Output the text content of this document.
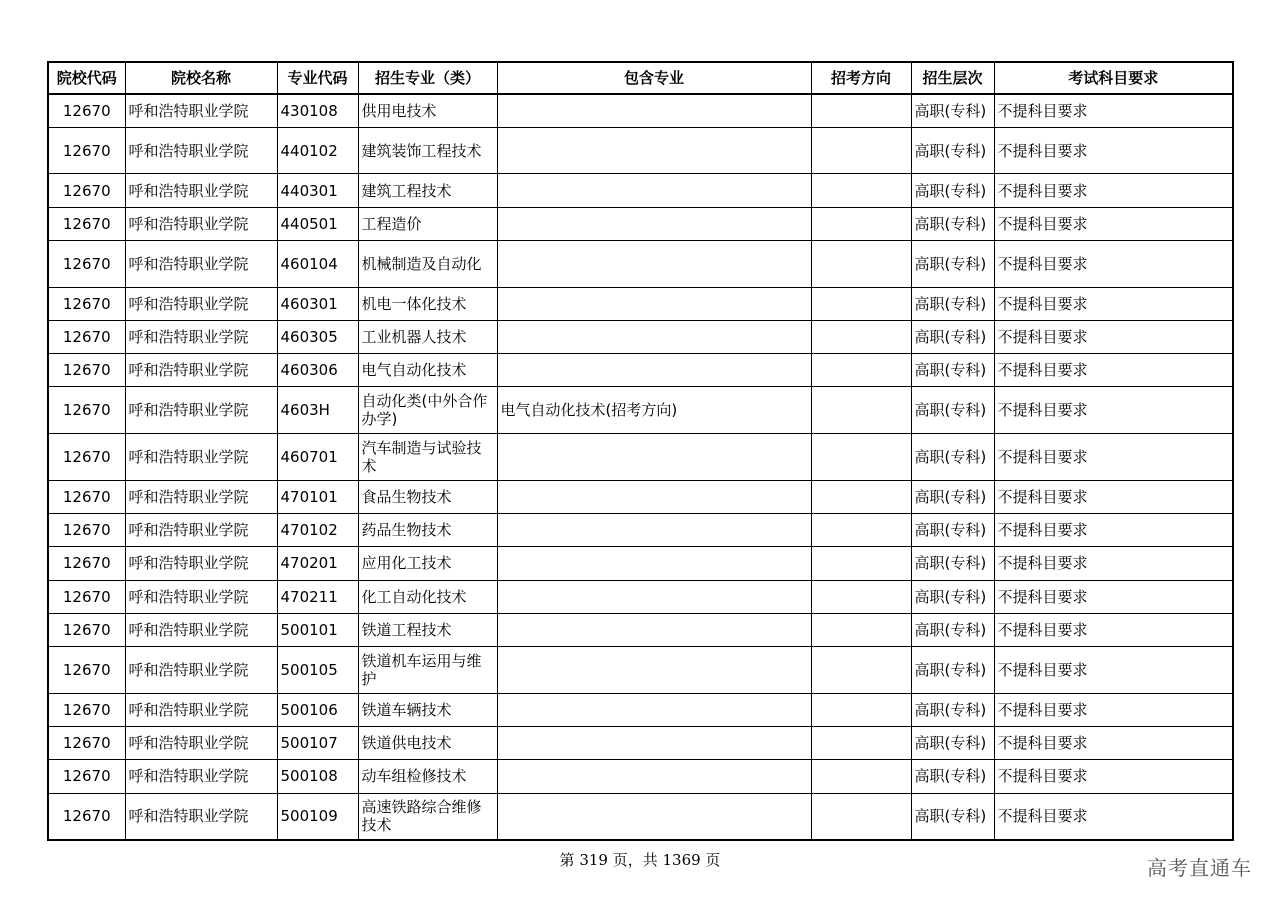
院校代码	院校名称	专业代码	招生专业（类）	包含专业	招考方向	招生层次	考试科目要求
12670	呼和浩特职业学院	430108	供用电技术			高职(专科)	不提科目要求
12670	呼和浩特职业学院	440102	建筑装饰工程技术			高职(专科)	不提科目要求
12670	呼和浩特职业学院	440301	建筑工程技术			高职(专科)	不提科目要求
12670	呼和浩特职业学院	440501	工程造价			高职(专科)	不提科目要求
12670	呼和浩特职业学院	460104	机械制造及自动化			高职(专科)	不提科目要求
12670	呼和浩特职业学院	460301	机电一体化技术			高职(专科)	不提科目要求
12670	呼和浩特职业学院	460305	工业机器人技术			高职(专科)	不提科目要求
12670	呼和浩特职业学院	460306	电气自动化技术			高职(专科)	不提科目要求
12670	呼和浩特职业学院	4603H	自动化类(中外合作办学)	电气自动化技术(招考方向)		高职(专科)	不提科目要求
12670	呼和浩特职业学院	460701	汽车制造与试验技术			高职(专科)	不提科目要求
12670	呼和浩特职业学院	470101	食品生物技术			高职(专科)	不提科目要求
12670	呼和浩特职业学院	470102	药品生物技术			高职(专科)	不提科目要求
12670	呼和浩特职业学院	470201	应用化工技术			高职(专科)	不提科目要求
12670	呼和浩特职业学院	470211	化工自动化技术			高职(专科)	不提科目要求
12670	呼和浩特职业学院	500101	铁道工程技术			高职(专科)	不提科目要求
12670	呼和浩特职业学院	500105	铁道机车运用与维护			高职(专科)	不提科目要求
12670	呼和浩特职业学院	500106	铁道车辆技术			高职(专科)	不提科目要求
12670	呼和浩特职业学院	500107	铁道供电技术			高职(专科)	不提科目要求
12670	呼和浩特职业学院	500108	动车组检修技术			高职(专科)	不提科目要求
12670	呼和浩特职业学院	500109	高速铁路综合维修技术			高职(专科)	不提科目要求
第 319 页，共 1369 页	高考直通车
